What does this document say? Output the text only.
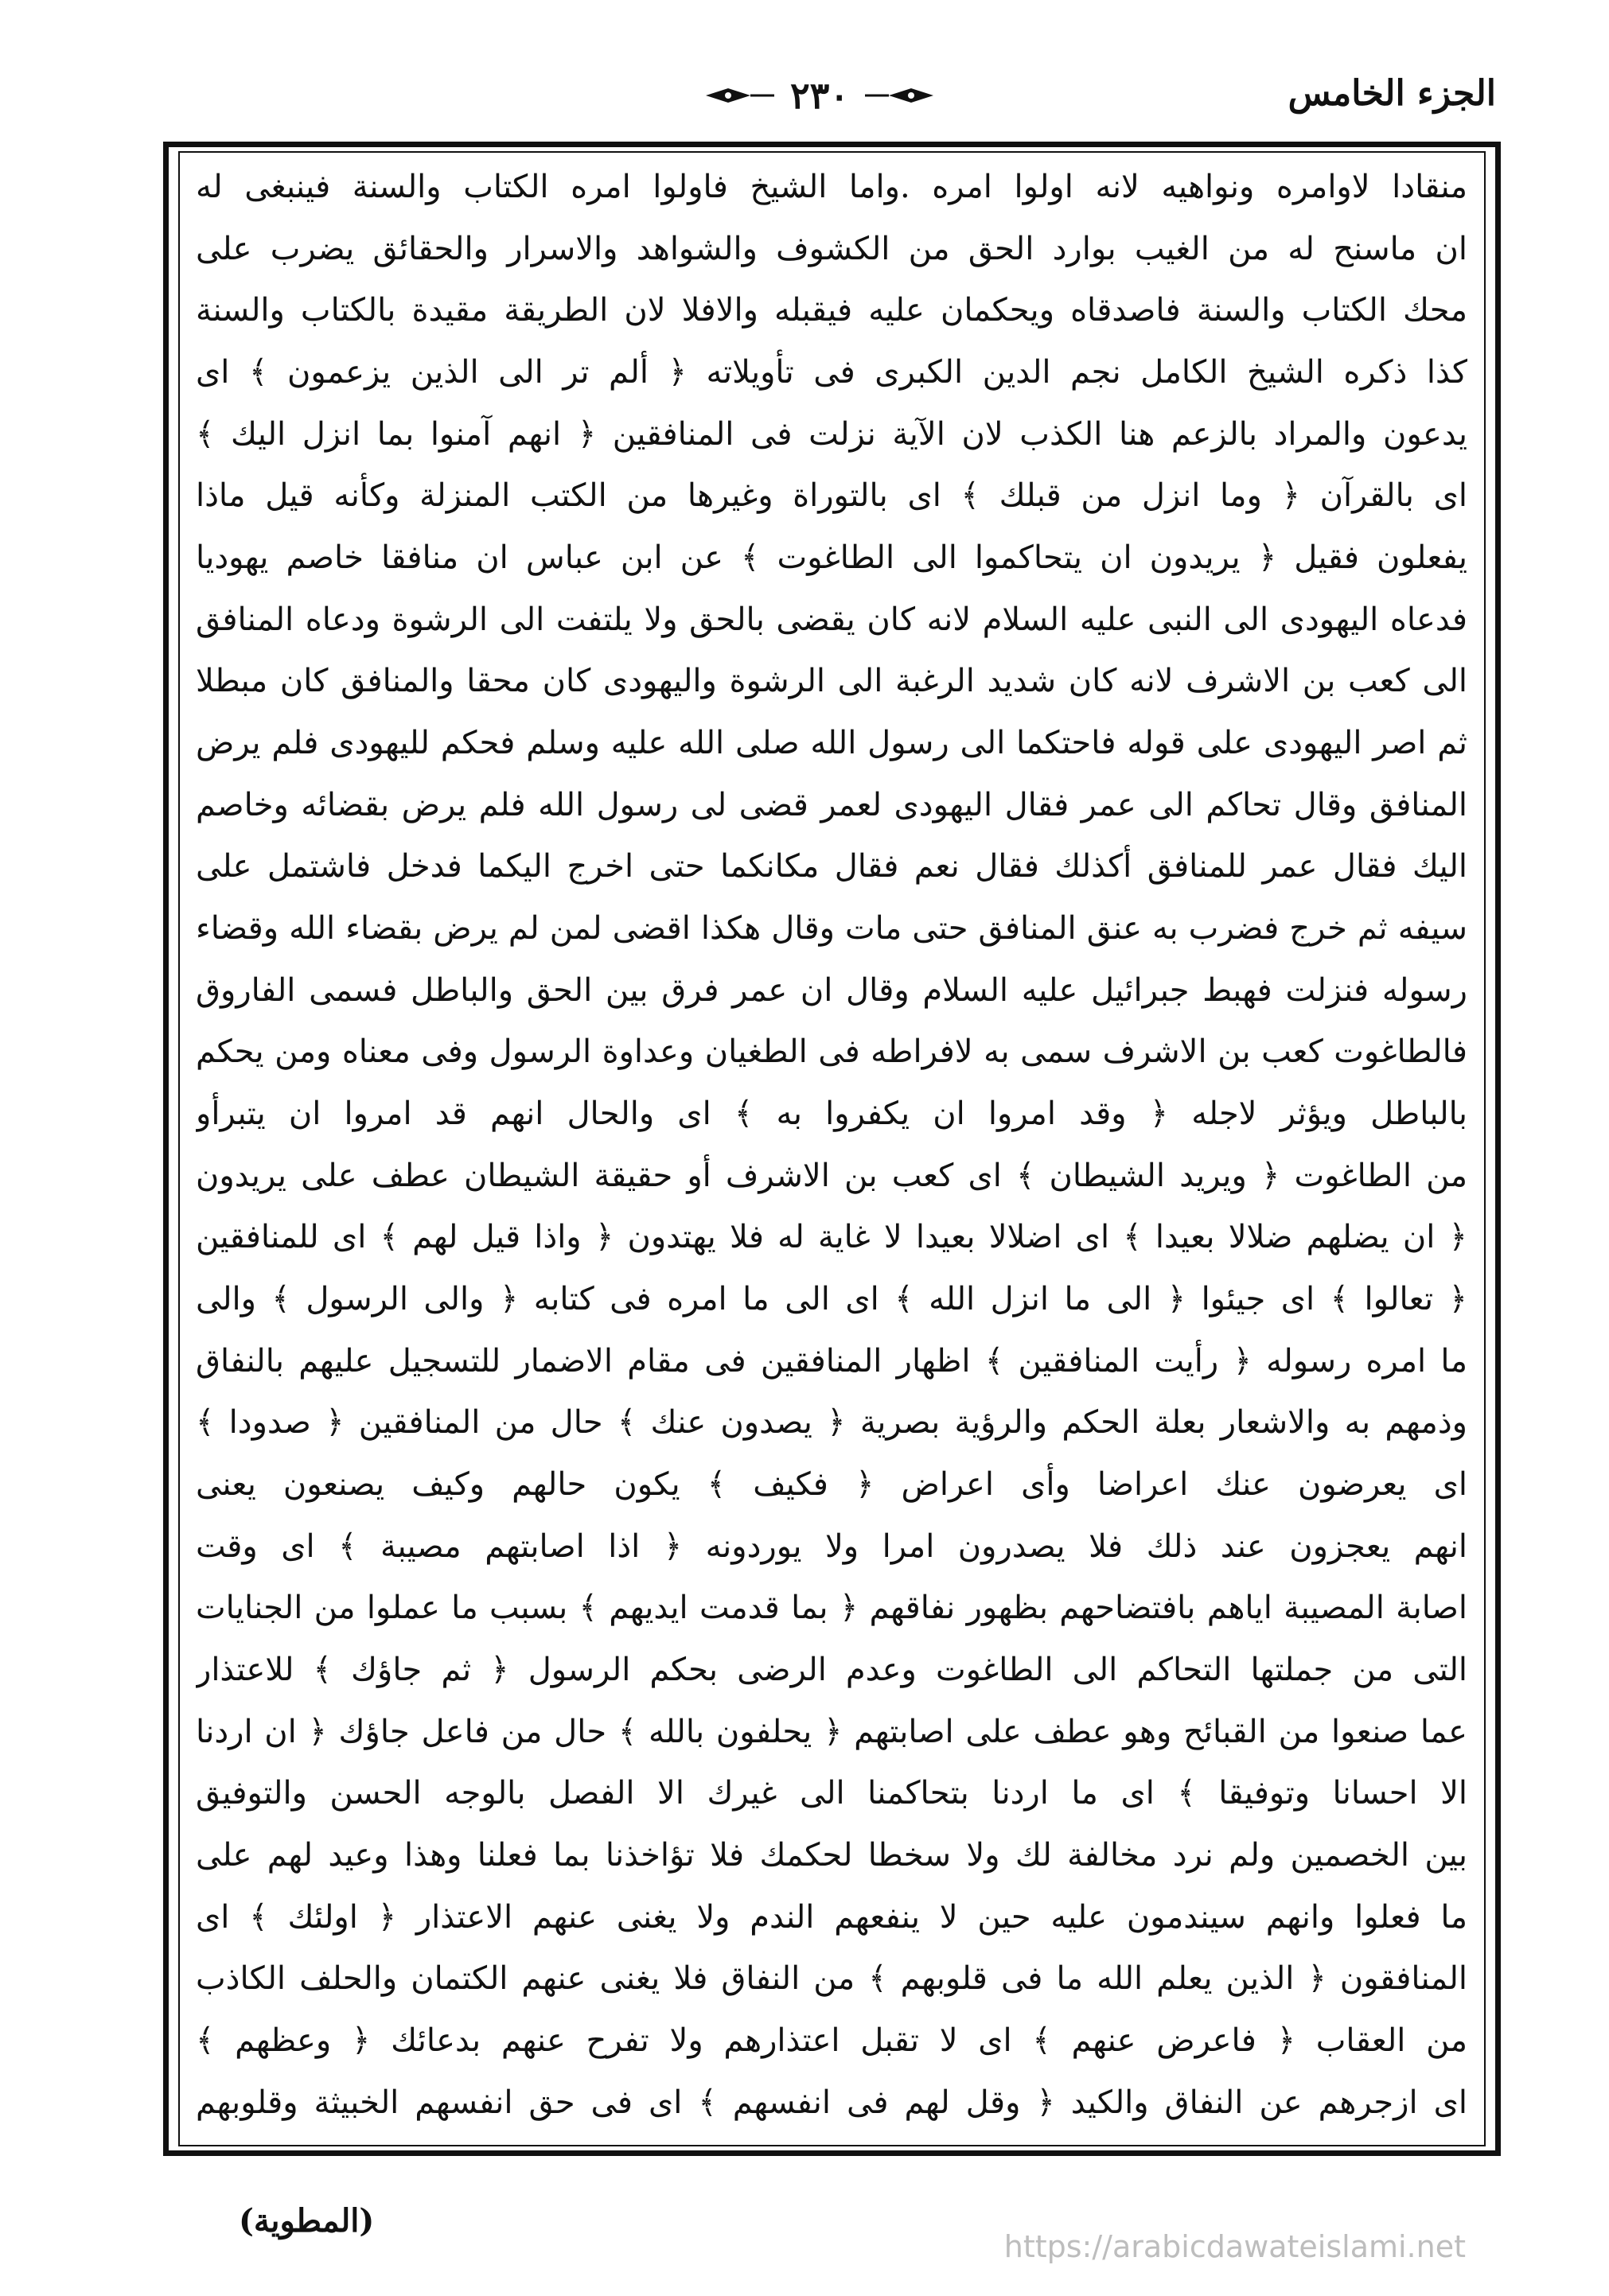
٢٣٠	الجزء الخامس
منقادا لاوامره ونواهيه لانه اولوا امره .واما الشيخ فاولوا امره الكتاب والسنة فينبغى له
ان ماسنح له من الغيب بوارد الحق من الكشوف والشواهد والاسرار والحقائق يضرب على
محك الكتاب والسنة فاصدقاه ويحكمان عليه فيقبله والافلا لان الطريقة مقيدة بالكتاب والسنة
كذا ذكره الشيخ الكامل نجم الدين الكبرى فى تأويلاته ﴿ ألم تر الى الذين يزعمون ﴾ اى
يدعون والمراد بالزعم هنا الكذب لان الآية نزلت فى المنافقين ﴿ انهم آمنوا بما انزل اليك ﴾
اى بالقرآن ﴿ وما انزل من قبلك ﴾ اى بالتوراة وغيرها من الكتب المنزلة وكأنه قيل ماذا
يفعلون فقيل ﴿ يريدون ان يتحاكموا الى الطاغوت ﴾ عن ابن عباس ان منافقا خاصم يهوديا
فدعاه اليهودى الى النبى عليه السلام لانه كان يقضى بالحق ولا يلتفت الى الرشوة ودعاه المنافق
الى كعب بن الاشرف لانه كان شديد الرغبة الى الرشوة واليهودى كان محقا والمنافق كان مبطلا
ثم اصر اليهودى على قوله فاحتكما الى رسول الله صلى الله عليه وسلم فحكم لليهودى فلم يرض
المنافق وقال تحاكم الى عمر فقال اليهودى لعمر قضى لى رسول الله فلم يرض بقضائه وخاصم
اليك فقال عمر للمنافق أكذلك فقال نعم فقال مكانكما حتى اخرج اليكما فدخل فاشتمل على
سيفه ثم خرج فضرب به عنق المنافق حتى مات وقال هكذا اقضى لمن لم يرض بقضاء الله وقضاء
رسوله فنزلت فهبط جبرائيل عليه السلام وقال ان عمر فرق بين الحق والباطل فسمى الفاروق
فالطاغوت كعب بن الاشرف سمى به لافراطه فى الطغيان وعداوة الرسول وفى معناه ومن يحكم
بالباطل ويؤثر لاجله ﴿ وقد امروا ان يكفروا به ﴾ اى والحال انهم قد امروا ان يتبرأو
من الطاغوت ﴿ ويريد الشيطان ﴾ اى كعب بن الاشرف أو حقيقة الشيطان عطف على يريدون
﴿ ان يضلهم ضلالا بعيدا ﴾ اى اضلالا بعيدا لا غاية له فلا يهتدون ﴿ واذا قيل لهم ﴾ اى للمنافقين
﴿ تعالوا ﴾ اى جيئوا ﴿ الى ما انزل الله ﴾ اى الى ما امره فى كتابه ﴿ والى الرسول ﴾ والى
ما امره رسوله ﴿ رأيت المنافقين ﴾ اظهار المنافقين فى مقام الاضمار للتسجيل عليهم بالنفاق
وذمهم به والاشعار بعلة الحكم والرؤية بصرية ﴿ يصدون عنك ﴾ حال من المنافقين ﴿ صدودا ﴾
اى يعرضون عنك اعراضا وأى اعراض ﴿ فكيف ﴾ يكون حالهم وكيف يصنعون يعنى
انهم يعجزون عند ذلك فلا يصدرون امرا ولا يوردونه ﴿ اذا اصابتهم مصيبة ﴾ اى وقت
اصابة المصيبة اياهم بافتضاحهم بظهور نفاقهم ﴿ بما قدمت ايديهم ﴾ بسبب ما عملوا من الجنايات
التى من جملتها التحاكم الى الطاغوت وعدم الرضى بحكم الرسول ﴿ ثم جاؤك ﴾ للاعتذار
عما صنعوا من القبائح وهو عطف على اصابتهم ﴿ يحلفون بالله ﴾ حال من فاعل جاؤك ﴿ ان اردنا
الا احسانا وتوفيقا ﴾ اى ما اردنا بتحاكمنا الى غيرك الا الفصل بالوجه الحسن والتوفيق
بين الخصمين ولم نرد مخالفة لك ولا سخطا لحكمك فلا تؤاخذنا بما فعلنا وهذا وعيد لهم على
ما فعلوا وانهم سيندمون عليه حين لا ينفعهم الندم ولا يغنى عنهم الاعتذار ﴿ اولئك ﴾ اى
المنافقون ﴿ الذين يعلم الله ما فى قلوبهم ﴾ من النفاق فلا يغنى عنهم الكتمان والحلف الكاذب
من العقاب ﴿ فاعرض عنهم ﴾ اى لا تقبل اعتذارهم ولا تفرح عنهم بدعائك ﴿ وعظهم ﴾
اى ازجرهم عن النفاق والكيد ﴿ وقل لهم فى انفسهم ﴾ اى فى حق انفسهم الخبيثة وقلوبهم
(المطوية)
https://arabicdawateislami.net
